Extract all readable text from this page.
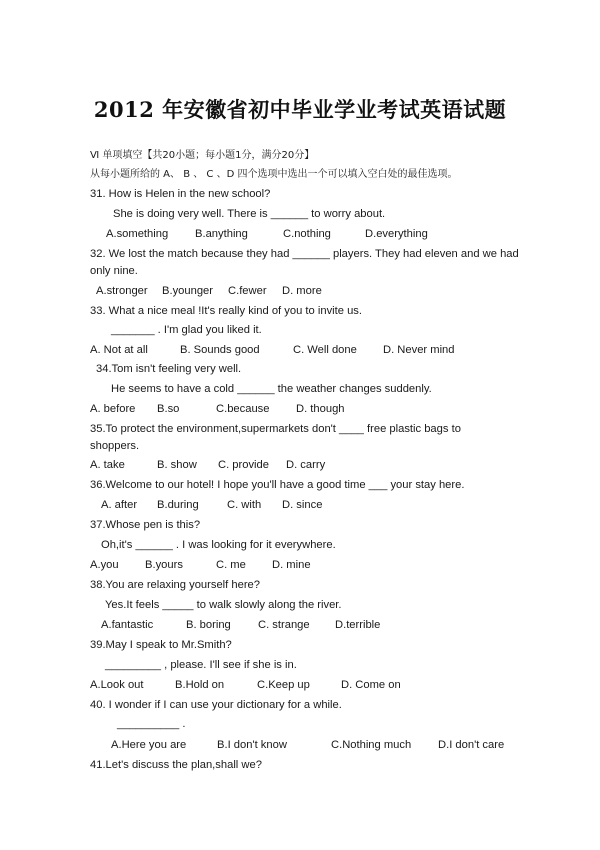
2012 年安徽省初中毕业学业考试英语试题
Ⅵ 单项填空【共20小题；每小题1分，满分20分】
从每小题所给的 A、 B 、 C 、D 四个选项中选出一个可以填入空白处的最佳选项。
31. How is Helen in the new school?
She is doing very well. There is ______ to worry about.
A.something B.anything	C.nothing	D.everything
32. We lost the match because they had ______ players. They had eleven and we had
only nine.
A.stronger B.younger C.fewer D. more
33. What a nice meal !It's really kind of you to invite us.
_______ . I'm glad you liked it.
A. Not at all	B. Sounds good	C. Well done D. Never mind
34.Tom isn't feeling very well.
He seems to have a cold ______ the weather changes suddenly.
A. before B.so	C.because D. though
35.To protect the environment,supermarkets don't ____ free plastic bags to
shoppers.
A. take	B. show C. provide D. carry
36.Welcome to our hotel! I hope you'll have a good time ___ your stay here.
A. after B.during	C. with D. since
37.Whose pen is this?
Oh,it's ______ . I was looking for it everywhere.
A.you B.yours	C. me D. mine
38.You are relaxing yourself here?
Yes.It feels _____ to walk slowly along the river.
A.fantastic	B. boring C. strange D.terrible
39.May I speak to Mr.Smith?
_________ , please. I'll see if she is in.
A.Look out	B.Hold on	C.Keep up	D. Come on
40. I wonder if I can use your dictionary for a while.
__________ .
A.Here you are	B.I don't know	C.Nothing much D.I don't care
41.Let's discuss the plan,shall we?
